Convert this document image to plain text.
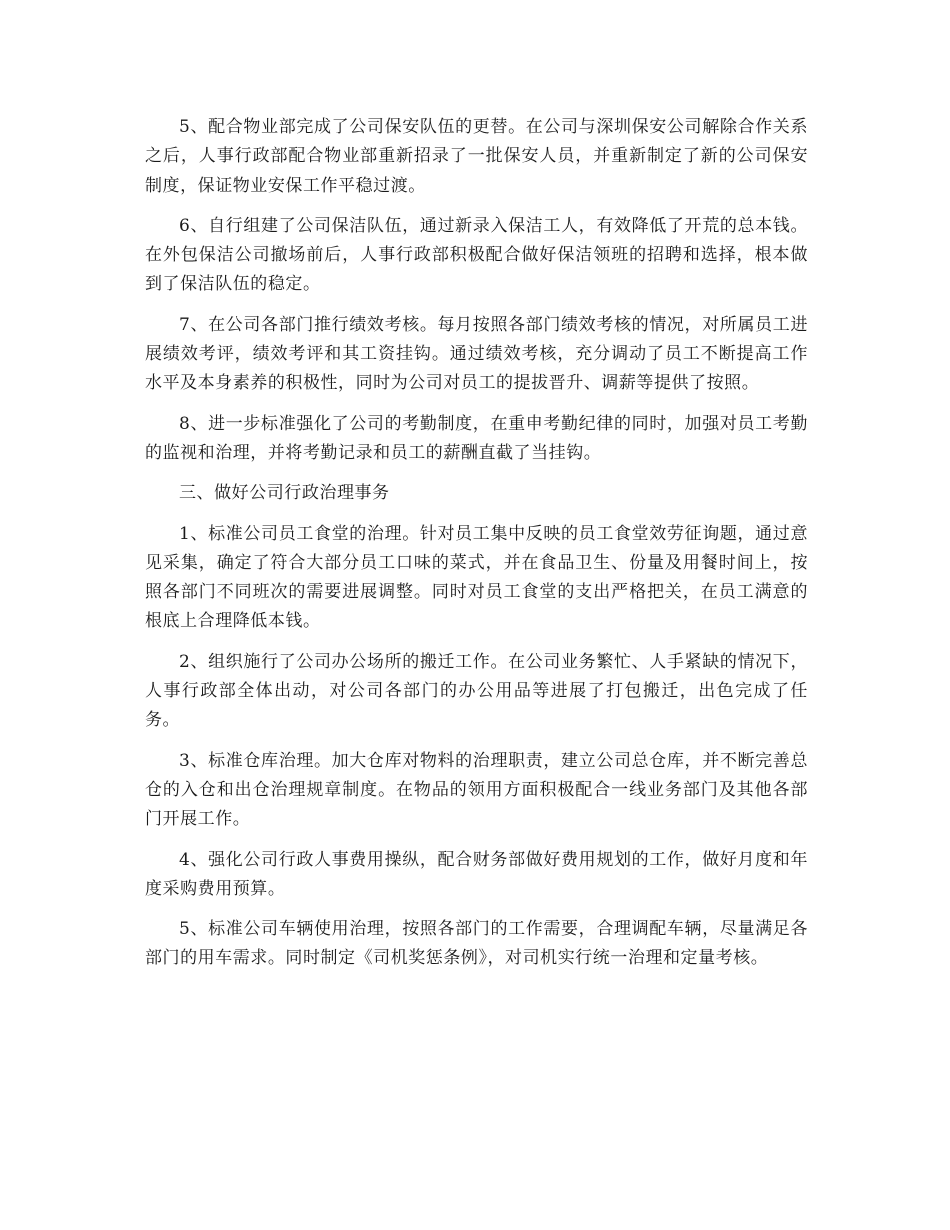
5、配合物业部完成了公司保安队伍的更替。在公司与深圳保安公司解除合作关系之后，人事行政部配合物业部重新招录了一批保安人员，并重新制定了新的公司保安制度，保证物业安保工作平稳过渡。

6、自行组建了公司保洁队伍，通过新录入保洁工人，有效降低了开荒的总本钱。在外包保洁公司撤场前后，人事行政部积极配合做好保洁领班的招聘和选择，根本做到了保洁队伍的稳定。

7、在公司各部门推行绩效考核。每月按照各部门绩效考核的情况，对所属员工进展绩效考评，绩效考评和其工资挂钩。通过绩效考核，充分调动了员工不断提高工作水平及本身素养的积极性，同时为公司对员工的提拔晋升、调薪等提供了按照。

8、进一步标准强化了公司的考勤制度，在重申考勤纪律的同时，加强对员工考勤的监视和治理，并将考勤记录和员工的薪酬直截了当挂钩。

三、做好公司行政治理事务

1、标准公司员工食堂的治理。针对员工集中反映的员工食堂效劳征询题，通过意见采集，确定了符合大部分员工口味的菜式，并在食品卫生、份量及用餐时间上，按照各部门不同班次的需要进展调整。同时对员工食堂的支出严格把关，在员工满意的根底上合理降低本钱。

2、组织施行了公司办公场所的搬迁工作。在公司业务繁忙、人手紧缺的情况下，人事行政部全体出动，对公司各部门的办公用品等进展了打包搬迁，出色完成了任务。

3、标准仓库治理。加大仓库对物料的治理职责，建立公司总仓库，并不断完善总仓的入仓和出仓治理规章制度。在物品的领用方面积极配合一线业务部门及其他各部门开展工作。

4、强化公司行政人事费用操纵，配合财务部做好费用规划的工作，做好月度和年度采购费用预算。

5、标准公司车辆使用治理，按照各部门的工作需要，合理调配车辆，尽量满足各部门的用车需求。同时制定《司机奖惩条例》，对司机实行统一治理和定量考核。
